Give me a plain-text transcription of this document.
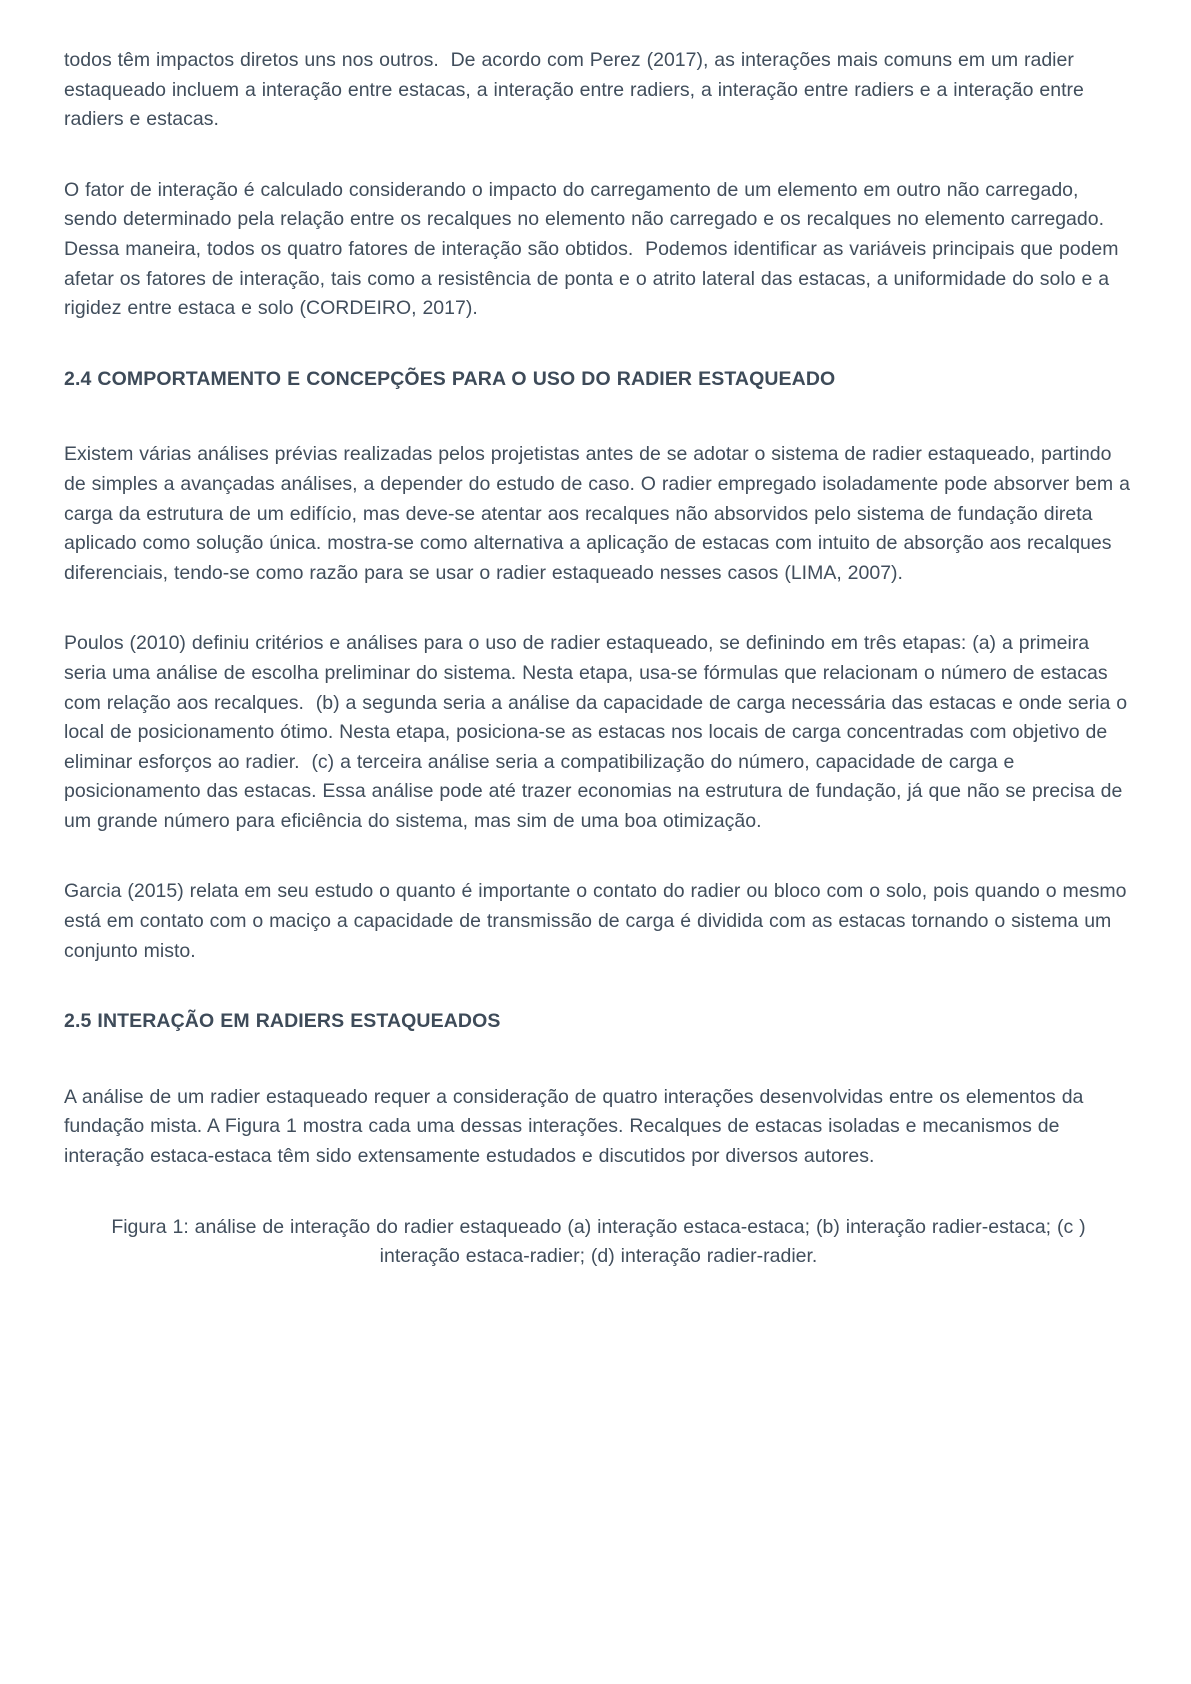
todos têm impactos diretos uns nos outros.  De acordo com Perez (2017), as interações mais comuns em um radier estaqueado incluem a interação entre estacas, a interação entre radiers, a interação entre radiers e a interação entre radiers e estacas.

O fator de interação é calculado considerando o impacto do carregamento de um elemento em outro não carregado, sendo determinado pela relação entre os recalques no elemento não carregado e os recalques no elemento carregado. Dessa maneira, todos os quatro fatores de interação são obtidos.  Podemos identificar as variáveis principais que podem afetar os fatores de interação, tais como a resistência de ponta e o atrito lateral das estacas, a uniformidade do solo e a rigidez entre estaca e solo (CORDEIRO, 2017).

2.4 COMPORTAMENTO E CONCEPÇÕES PARA O USO DO RADIER ESTAQUEADO

Existem várias análises prévias realizadas pelos projetistas antes de se adotar o sistema de radier estaqueado, partindo de simples a avançadas análises, a depender do estudo de caso. O radier empregado isoladamente pode absorver bem a carga da estrutura de um edifício, mas deve-se atentar aos recalques não absorvidos pelo sistema de fundação direta aplicado como solução única. mostra-se como alternativa a aplicação de estacas com intuito de absorção aos recalques diferenciais, tendo-se como razão para se usar o radier estaqueado nesses casos (LIMA, 2007).

Poulos (2010) definiu critérios e análises para o uso de radier estaqueado, se definindo em três etapas: (a) a primeira seria uma análise de escolha preliminar do sistema. Nesta etapa, usa-se fórmulas que relacionam o número de estacas com relação aos recalques.  (b) a segunda seria a análise da capacidade de carga necessária das estacas e onde seria o local de posicionamento ótimo. Nesta etapa, posiciona-se as estacas nos locais de carga concentradas com objetivo de eliminar esforços ao radier.  (c) a terceira análise seria a compatibilização do número, capacidade de carga e posicionamento das estacas. Essa análise pode até trazer economias na estrutura de fundação, já que não se precisa de um grande número para eficiência do sistema, mas sim de uma boa otimização.

Garcia (2015) relata em seu estudo o quanto é importante o contato do radier ou bloco com o solo, pois quando o mesmo está em contato com o maciço a capacidade de transmissão de carga é dividida com as estacas tornando o sistema um conjunto misto.

2.5 INTERAÇÃO EM RADIERS ESTAQUEADOS

A análise de um radier estaqueado requer a consideração de quatro interações desenvolvidas entre os elementos da fundação mista. A Figura 1 mostra cada uma dessas interações. Recalques de estacas isoladas e mecanismos de interação estaca-estaca têm sido extensamente estudados e discutidos por diversos autores.

Figura 1: análise de interação do radier estaqueado (a) interação estaca-estaca; (b) interação radier-estaca; (c ) interação estaca-radier; (d) interação radier-radier.
